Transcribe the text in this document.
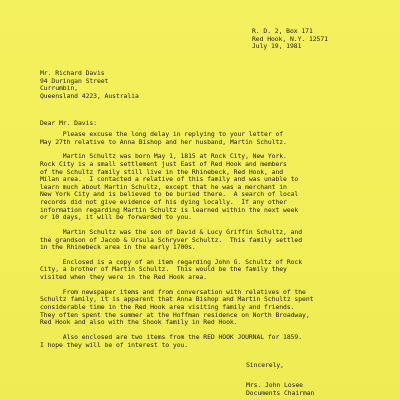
R. D. 2, Box 171
Red Hook, N.Y. 12571
July 19, 1981
Mr. Richard Davis
94 Duringan Street
Currumbin,
Queensland 4223, Australia
Dear Mr. Davis:
Please excuse the long delay in replying to your letter of
May 27th relative to Anna Bishop and her husband, Martin Schultz.
Martin Schultz was born May 1, 1815 at Rock City, New York.
Rock City is a small settlement just East of Red Hook and members
of the Schultz family still live in the Rhinebeck, Red Hook, and
Milan area.  I contacted a relative of this family and was unable to
learn much about Martin Schultz, except that he was a merchant in
New York City and is believed to be buried there.  A search of local
records did not give evidence of his dying locally.  If any other
information regarding Martin Schultz is learned within the next week
or 10 days, it will be forwarded to you.
Martin Schultz was the son of David & Lucy Griffin Schultz, and
the grandson of Jacob & Ursula Schryver Schultz.  This family settled
in the Rhinebeck area in the early 1700s.
Enclosed is a copy of an item regarding John G. Schultz of Rock
City, a brother of Martin Schultz.  This would be the family they
visited when they were in the Red Hook area.
From newspaper items and from conversation with relatives of the
Schultz family, it is apparent that Anna Bishop and Martin Schultz spent
considerable time in the Red Hook area visiting family and friends.
They often spent the summer at the Hoffman residence on North Broadway,
Red Hook and also with the Shook family in Red Hook.
Also enclosed are two items from the RED HOOK JOURNAL for 1859.
I hope they will be of interest to you.
Sincerely,
Mrs. John Losee
Documents Chairman
